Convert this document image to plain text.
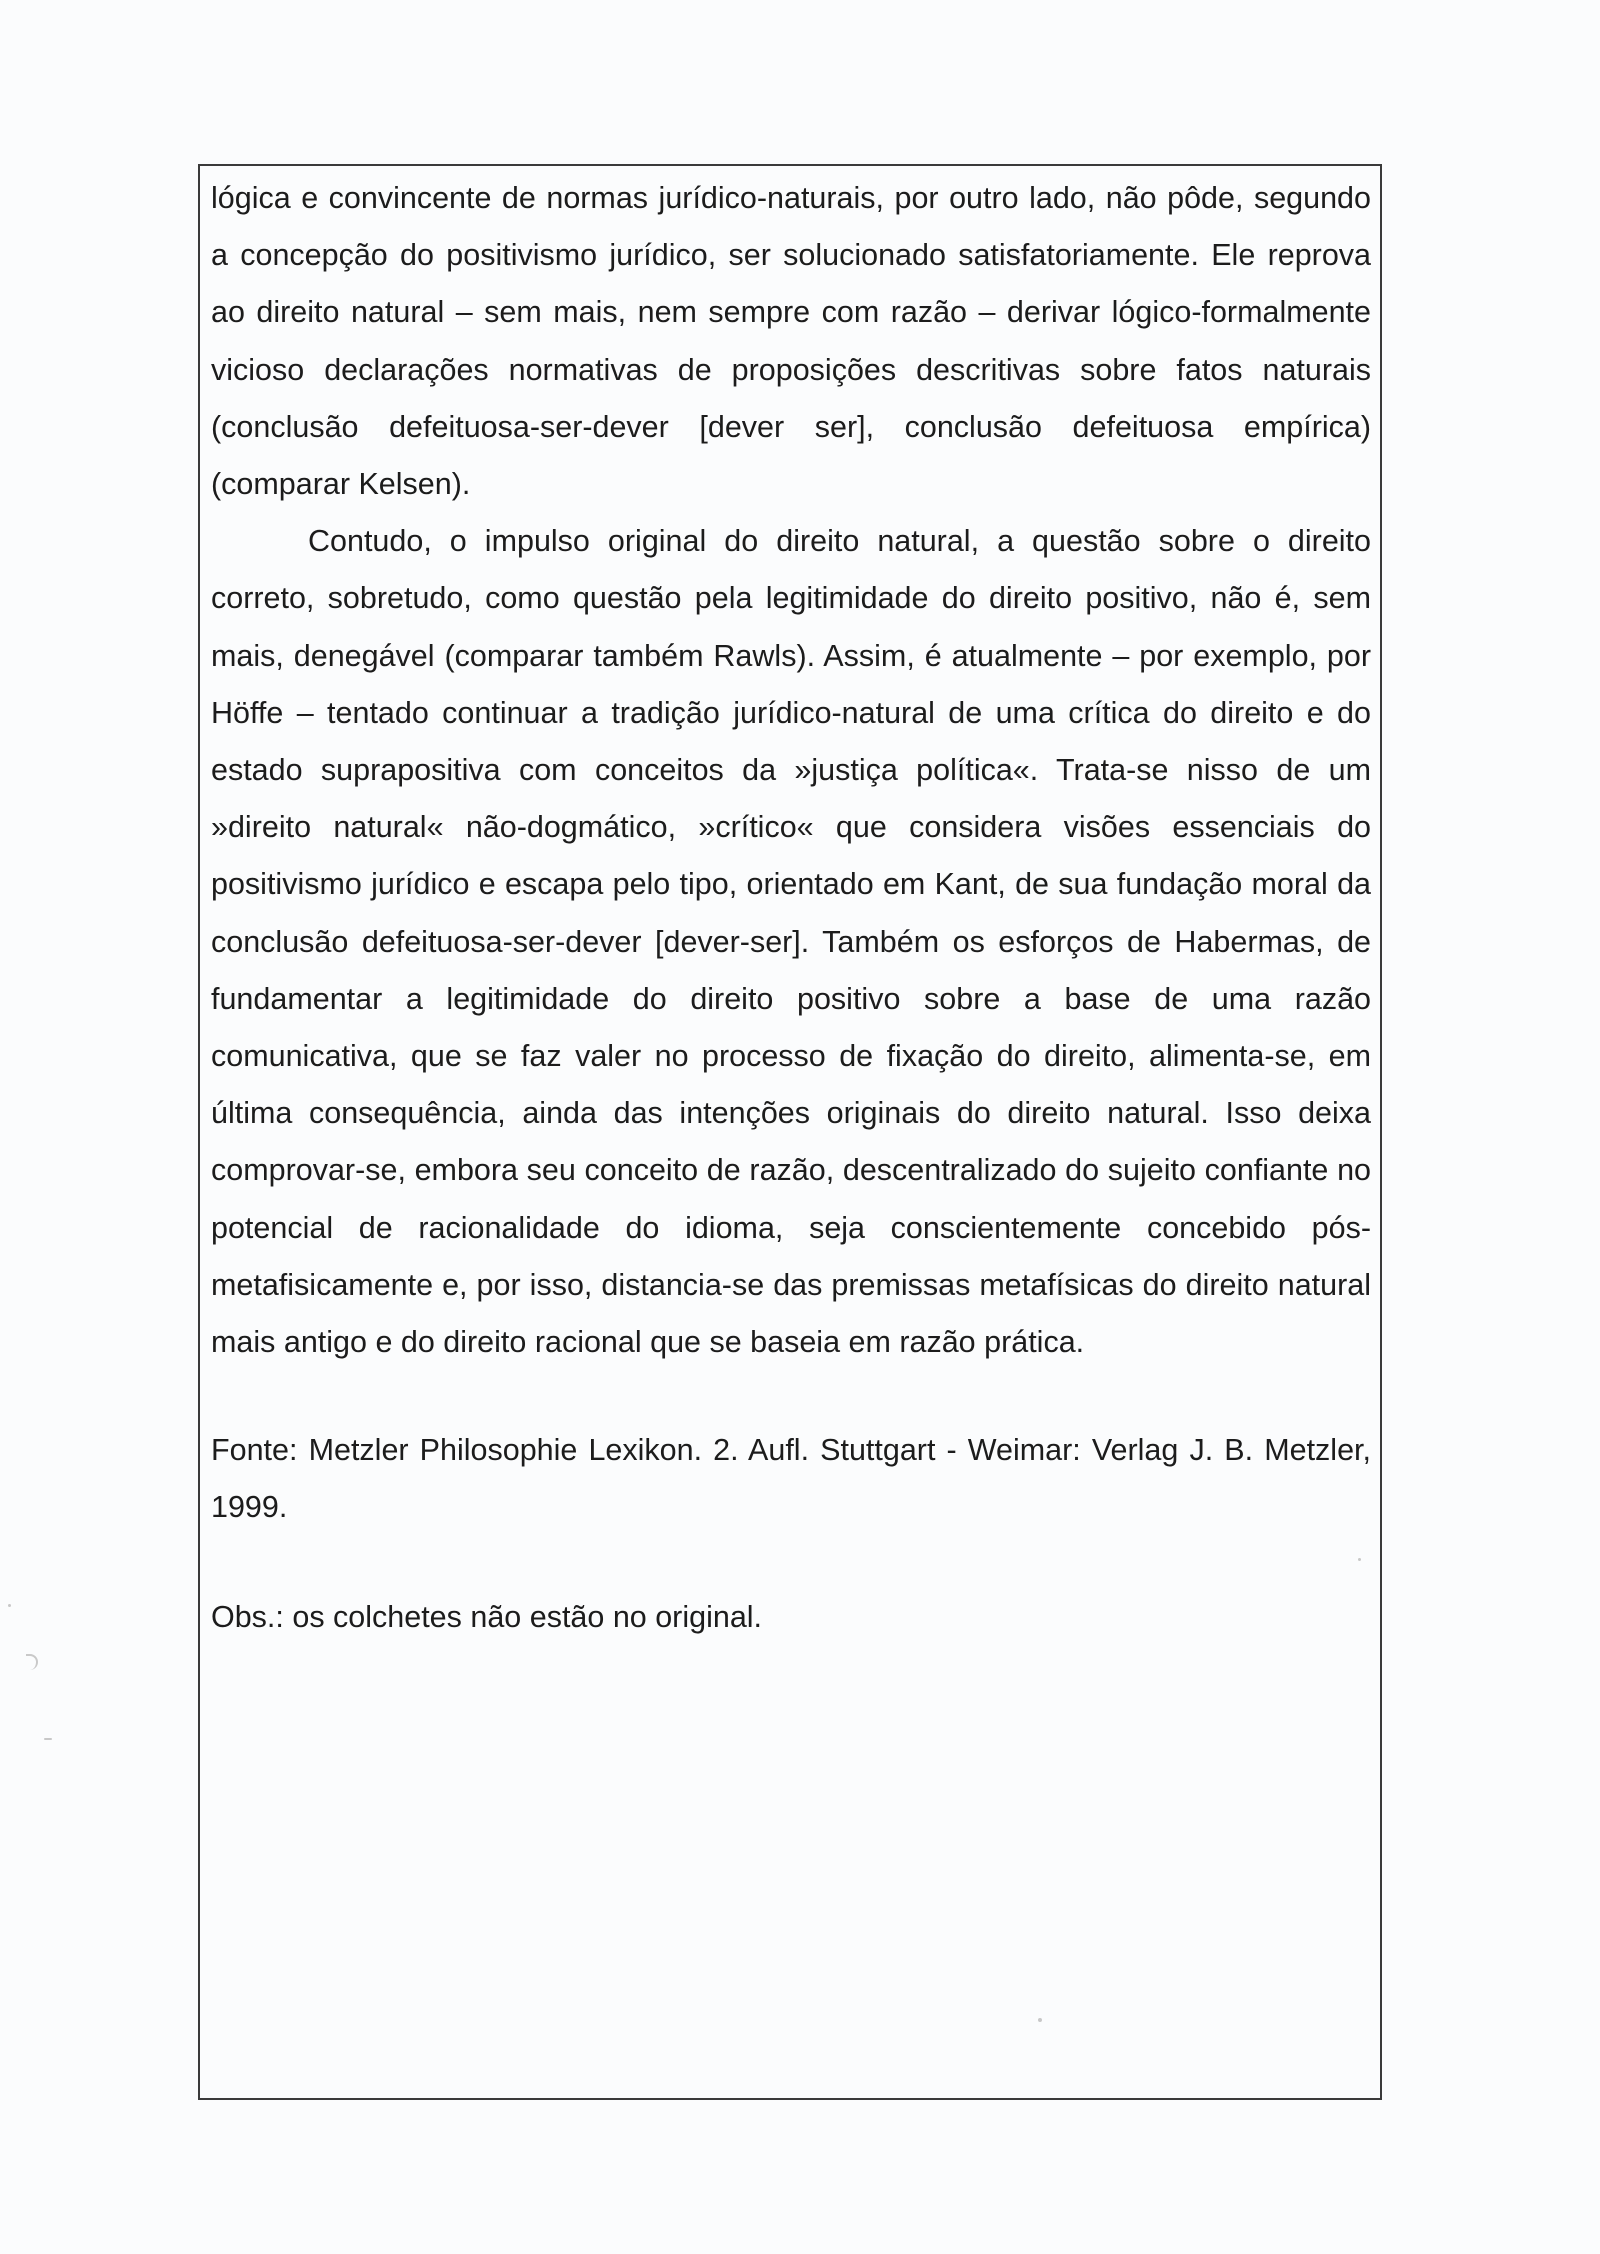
lógica e convincente de normas jurídico-naturais, por outro lado, não pôde, segundo a concepção do positivismo jurídico, ser solucionado satisfatoriamente. Ele reprova ao direito natural – sem mais, nem sempre com razão – derivar lógico-formalmente vicioso declarações normativas de proposições descritivas sobre fatos naturais (conclusão defeituosa-ser-dever [dever ser], conclusão defeituosa empírica) (comparar Kelsen).

Contudo, o impulso original do direito natural, a questão sobre o direito correto, sobretudo, como questão pela legitimidade do direito positivo, não é, sem mais, denegável (comparar também Rawls). Assim, é atualmente – por exemplo, por Höffe – tentado continuar a tradição jurídico-natural de uma crítica do direito e do estado suprapositiva com conceitos da »justiça política«. Trata-se nisso de um »direito natural« não-dogmático, »crítico« que considera visões essenciais do positivismo jurídico e escapa pelo tipo, orientado em Kant, de sua fundação moral da conclusão defeituosa-ser-dever [dever-ser]. Também os esforços de Habermas, de fundamentar a legitimidade do direito positivo sobre a base de uma razão comunicativa, que se faz valer no processo de fixação do direito, alimenta-se, em última consequência, ainda das intenções originais do direito natural. Isso deixa comprovar-se, embora seu conceito de razão, descentralizado do sujeito confiante no potencial de racionalidade do idioma, seja conscientemente concebido pós-metafisicamente e, por isso, distancia-se das premissas metafísicas do direito natural mais antigo e do direito racional que se baseia em razão prática.

Fonte: Metzler Philosophie Lexikon. 2. Aufl. Stuttgart - Weimar: Verlag J. B. Metzler, 1999.

Obs.: os colchetes não estão no original.
